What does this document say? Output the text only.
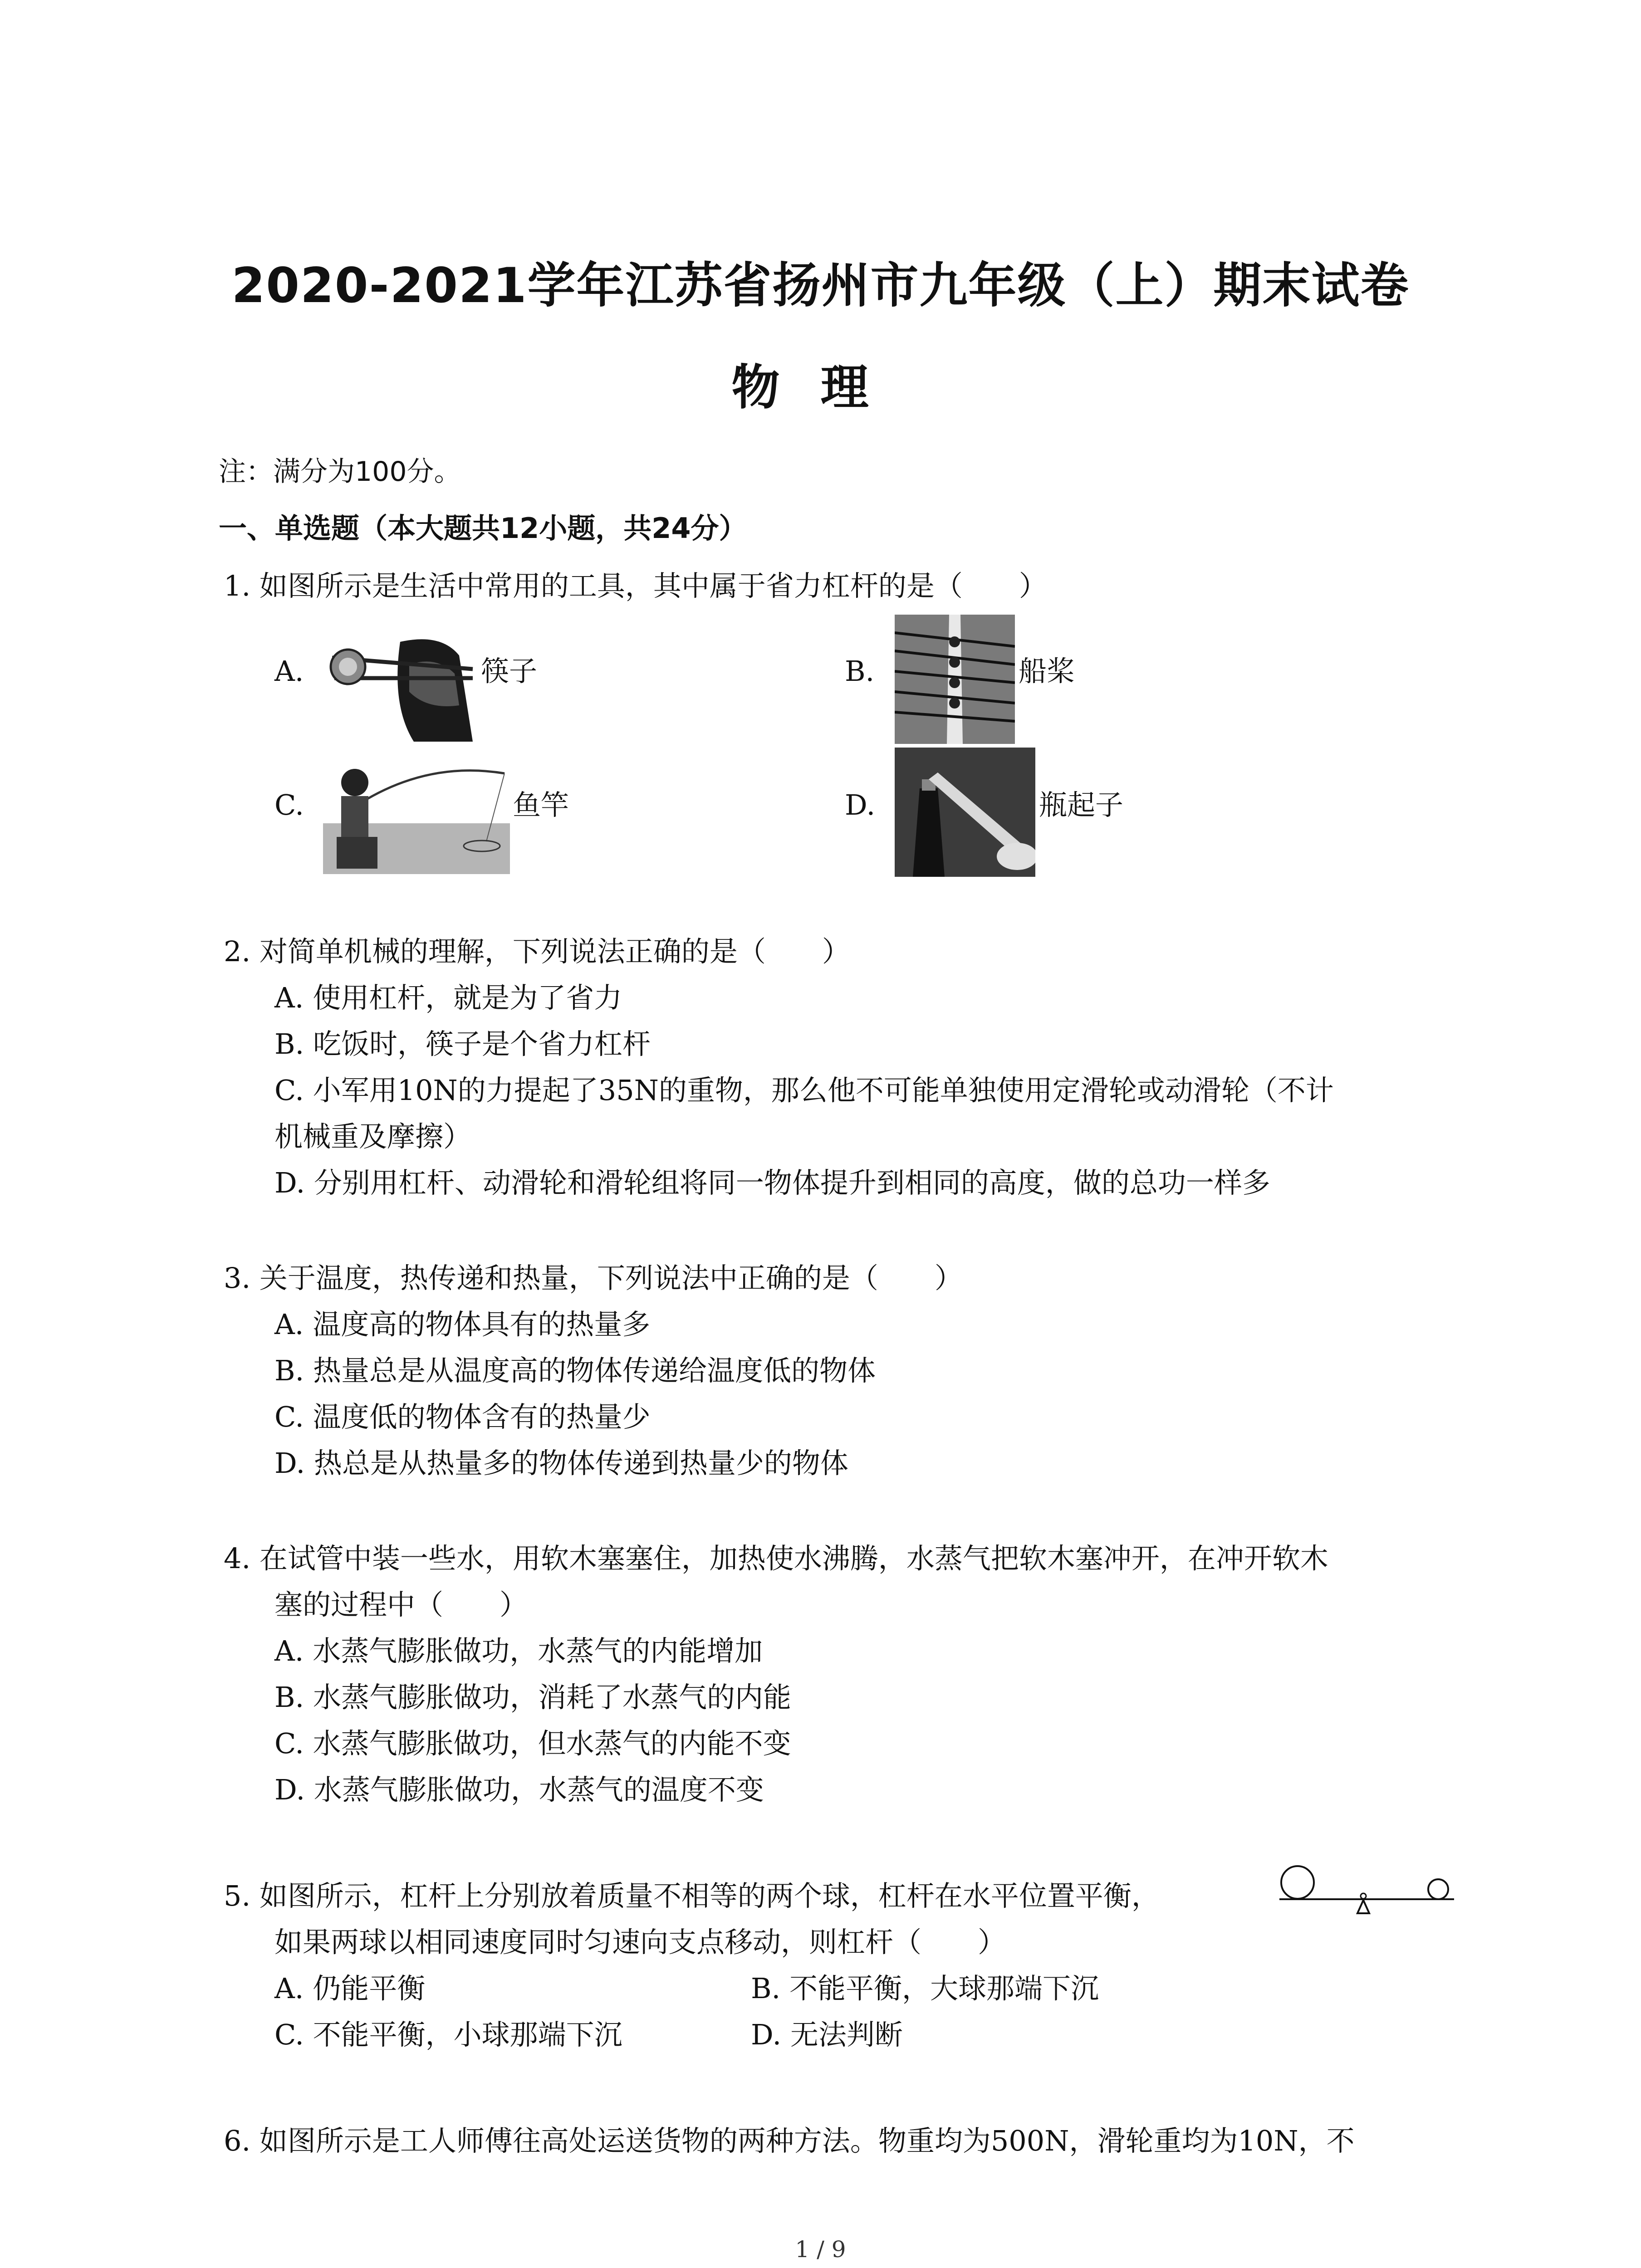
2020-2021学年江苏省扬州市九年级（上）期末试卷
物理
注：满分为100分。
一、单选题（本大题共12小题，共24分）
1. 如图所示是生活中常用的工具，其中属于省力杠杆的是（　　）
A.	筷子	B.	船桨
C.	鱼竿	D.	瓶起子
2. 对简单机械的理解，下列说法正确的是（　　）
A. 使用杠杆，就是为了省力
B. 吃饭时，筷子是个省力杠杆
C. 小军用10N的力提起了35N的重物，那么他不可能单独使用定滑轮或动滑轮（不计
机械重及摩擦）
D. 分别用杠杆、动滑轮和滑轮组将同一物体提升到相同的高度，做的总功一样多
3. 关于温度，热传递和热量，下列说法中正确的是（　　）
A. 温度高的物体具有的热量多
B. 热量总是从温度高的物体传递给温度低的物体
C. 温度低的物体含有的热量少
D. 热总是从热量多的物体传递到热量少的物体
4. 在试管中装一些水，用软木塞塞住，加热使水沸腾，水蒸气把软木塞冲开，在冲开软木
塞的过程中（　　）
A. 水蒸气膨胀做功，水蒸气的内能增加
B. 水蒸气膨胀做功，消耗了水蒸气的内能
C. 水蒸气膨胀做功，但水蒸气的内能不变
D. 水蒸气膨胀做功，水蒸气的温度不变
5. 如图所示，杠杆上分别放着质量不相等的两个球，杠杆在水平位置平衡，
如果两球以相同速度同时匀速向支点移动，则杠杆（　　）
A. 仍能平衡	B. 不能平衡，大球那端下沉
C. 不能平衡，小球那端下沉	D. 无法判断
6. 如图所示是工人师傅往高处运送货物的两种方法。物重均为500N，滑轮重均为10N，不
1 / 9
